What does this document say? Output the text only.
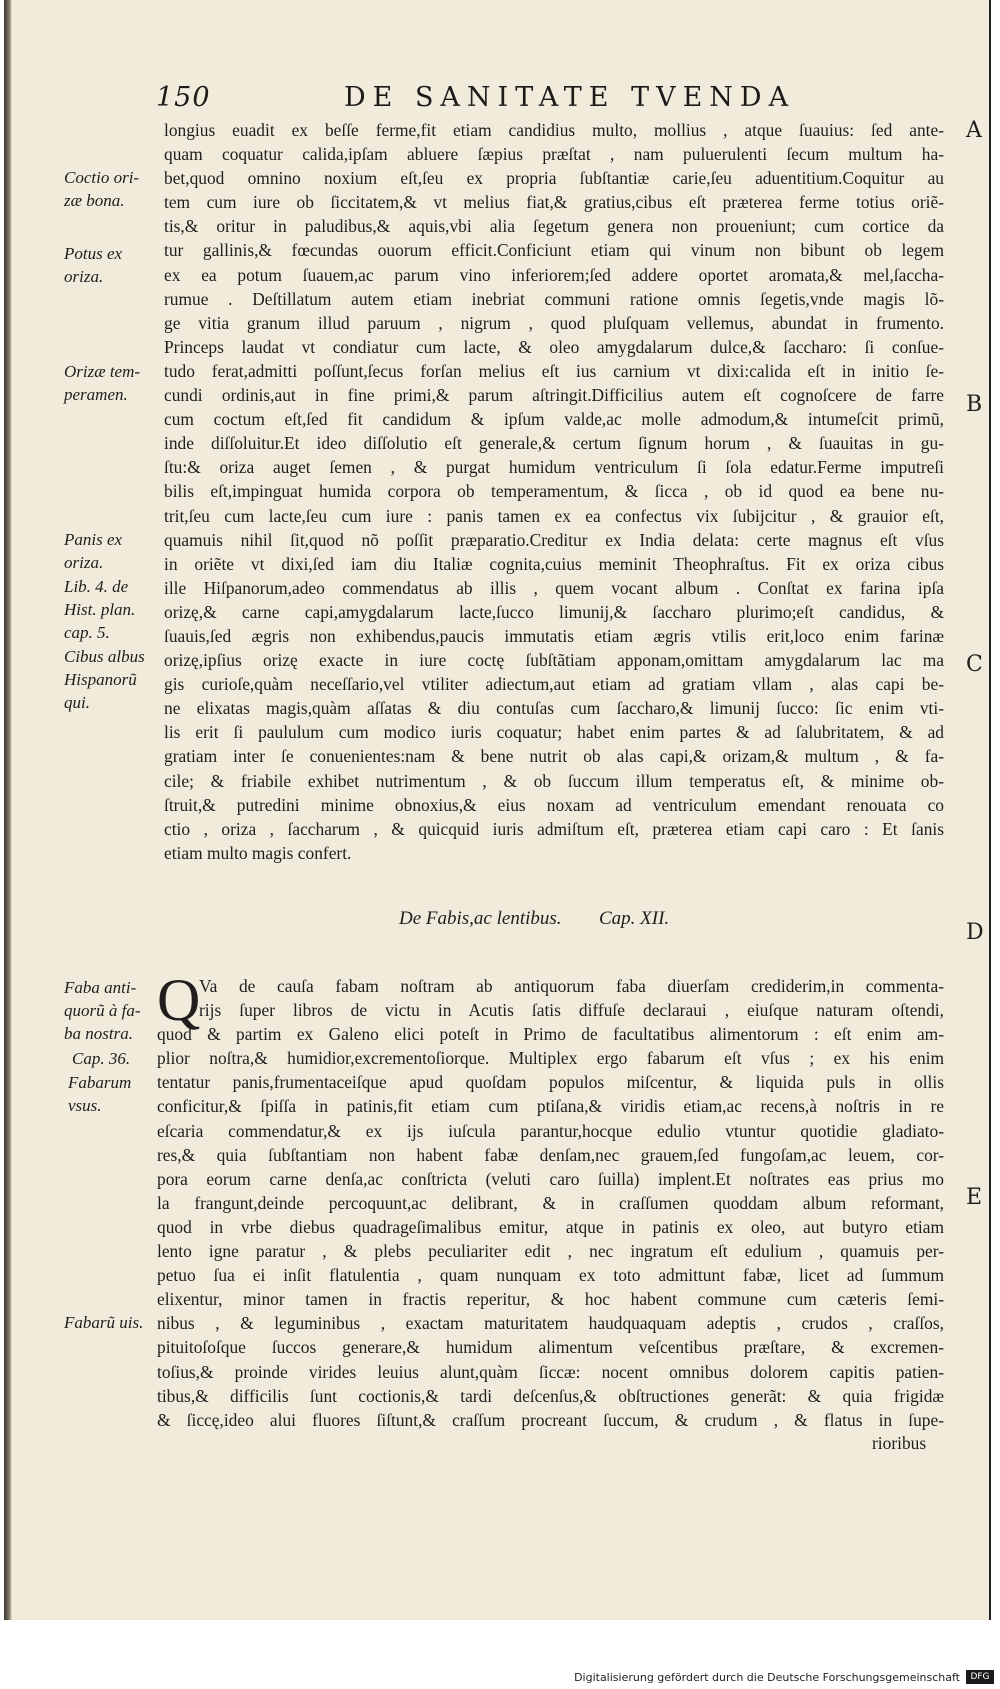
150	DE SANITATE TVENDA
A
B
C
D
E
Coctio ori-
zæ bona.
Potus ex
oriza.
Orizæ tem-
peramen.
Panis ex
oriza.
Lib. 4. de
Hist. plan.
cap. 5.
Cibus albus
Hispanorũ
qui.
Faba anti-
quorũ à fa-
ba nostra.
Cap. 36.
Fabarum
vsus.
Fabarũ uis.
longius euadit ex beſſe ferme,fit etiam candidius multo, mollius , atque ſuauius: ſed ante-
quam coquatur calida,ipſam abluere ſæpius præſtat , nam puluerulenti ſecum multum ha-
bet,quod omnino noxium eſt,ſeu ex propria ſubſtantiæ carie,ſeu aduentitium.Coquitur au
tem cum iure ob ſiccitatem,& vt melius fiat,& gratius,cibus eſt præterea ferme totius oriẽ-
tis,& oritur in paludibus,& aquis,vbi alia ſegetum genera non proueniunt; cum cortice da
tur gallinis,& fœcundas ouorum efficit.Conficiunt etiam qui vinum non bibunt ob legem
ex ea potum ſuauem,ac parum vino inferiorem;ſed addere oportet aromata,& mel,ſaccha-
rumue . Deſtillatum autem etiam inebriat communi ratione omnis ſegetis,vnde magis lõ-
ge vitia granum illud paruum , nigrum , quod pluſquam vellemus, abundat in frumento.
Princeps laudat vt condiatur cum lacte, & oleo amygdalarum dulce,& ſaccharo: ſi conſue-
tudo ferat,admitti poſſunt,ſecus forſan melius eſt ius carnium vt dixi:calida eſt in initio ſe-
cundi ordinis,aut in fine primi,& parum aſtringit.Difficilius autem eſt cognoſcere de farre
cum coctum eſt,ſed fit candidum & ipſum valde,ac molle admodum,& intumeſcit primũ,
inde diſſoluitur.Et ideo diſſolutio eſt generale,& certum ſignum horum , & ſuauitas in gu-
ſtu:& oriza auget ſemen , & purgat humidum ventriculum ſi ſola edatur.Ferme imputreſi
bilis eſt,impinguat humida corpora ob temperamentum, & ſicca , ob id quod ea bene nu-
trit,ſeu cum lacte,ſeu cum iure : panis tamen ex ea confectus vix ſubijcitur , & grauior eſt,
quamuis nihil ſit,quod nõ poſſit præparatio.Creditur ex India delata: certe magnus eſt vſus
in oriẽte vt dixi,ſed iam diu Italiæ cognita,cuius meminit Theophraſtus. Fit ex oriza cibus
ille Hiſpanorum,adeo commendatus ab illis , quem vocant album . Conſtat ex farina ipſa
orizę,& carne capi,amygdalarum lacte,ſucco limunij,& ſaccharo plurimo;eſt candidus, &
ſuauis,ſed ægris non exhibendus,paucis immutatis etiam ægris vtilis erit,loco enim farinæ
orizę,ipſius orizę exacte in iure coctę ſubſtãtiam apponam,omittam amygdalarum lac ma
gis curioſe,quàm neceſſario,vel vtiliter adiectum,aut etiam ad gratiam vllam , alas capi be-
ne elixatas magis,quàm aſſatas & diu contuſas cum ſaccharo,& limunij ſucco: ſic enim vti-
lis erit ſi paululum cum modico iuris coquatur; habet enim partes & ad ſalubritatem, & ad
gratiam inter ſe conuenientes:nam & bene nutrit ob alas capi,& orizam,& multum , & fa-
cile; & friabile exhibet nutrimentum , & ob ſuccum illum temperatus eſt, & minime ob-
ſtruit,& putredini minime obnoxius,& eius noxam ad ventriculum emendant renouata co
ctio , oriza , ſaccharum , & quicquid iuris admiſtum eſt, præterea etiam capi caro : Et ſanis
etiam multo magis confert.
De Fabis,ac lentibus. Cap. XII.
Q
Va de cauſa fabam noſtram ab antiquorum faba diuerſam crediderim,in commenta-
rijs ſuper libros de victu in Acutis ſatis diffuſe declaraui , eiuſque naturam oſtendi,
quod & partim ex Galeno elici poteſt in Primo de facultatibus alimentorum : eſt enim am-
plior noſtra,& humidior,excrementoſiorque. Multiplex ergo fabarum eſt vſus ; ex his enim
tentatur panis,frumentaceiſque apud quoſdam populos miſcentur, & liquida puls in ollis
conficitur,& ſpiſſa in patinis,fit etiam cum ptiſana,& viridis etiam,ac recens,à noſtris in re
eſcaria commendatur,& ex ijs iuſcula parantur,hocque edulio vtuntur quotidie gladiato-
res,& quia ſubſtantiam non habent fabæ denſam,nec grauem,ſed fungoſam,ac leuem, cor-
pora eorum carne denſa,ac conſtricta (veluti caro ſuilla) implent.Et noſtrates eas prius mo
la frangunt,deinde percoquunt,ac delibrant, & in craſſumen quoddam album reformant,
quod in vrbe diebus quadrageſimalibus emitur, atque in patinis ex oleo, aut butyro etiam
lento igne paratur , & plebs peculiariter edit , nec ingratum eſt edulium , quamuis per-
petuo ſua ei inſit flatulentia , quam nunquam ex toto admittunt fabæ, licet ad ſummum
elixentur, minor tamen in fractis reperitur, & hoc habent commune cum cæteris ſemi-
nibus , & leguminibus , exactam maturitatem haudquaquam adeptis , crudos , craſſos,
pituitoſoſque ſuccos generare,& humidum alimentum veſcentibus præſtare, & excremen-
toſius,& proinde virides leuius alunt,quàm ſiccæ: nocent omnibus dolorem capitis patien-
tibus,& difficilis ſunt coctionis,& tardi deſcenſus,& obſtructiones generãt: & quia frigidæ
& ſiccę,ideo alui fluores ſiſtunt,& craſſum procreant ſuccum, & crudum , & flatus in ſupe-
rioribus
Digitalisierung gefördert durch die Deutsche Forschungsgemeinschaft	DFG
